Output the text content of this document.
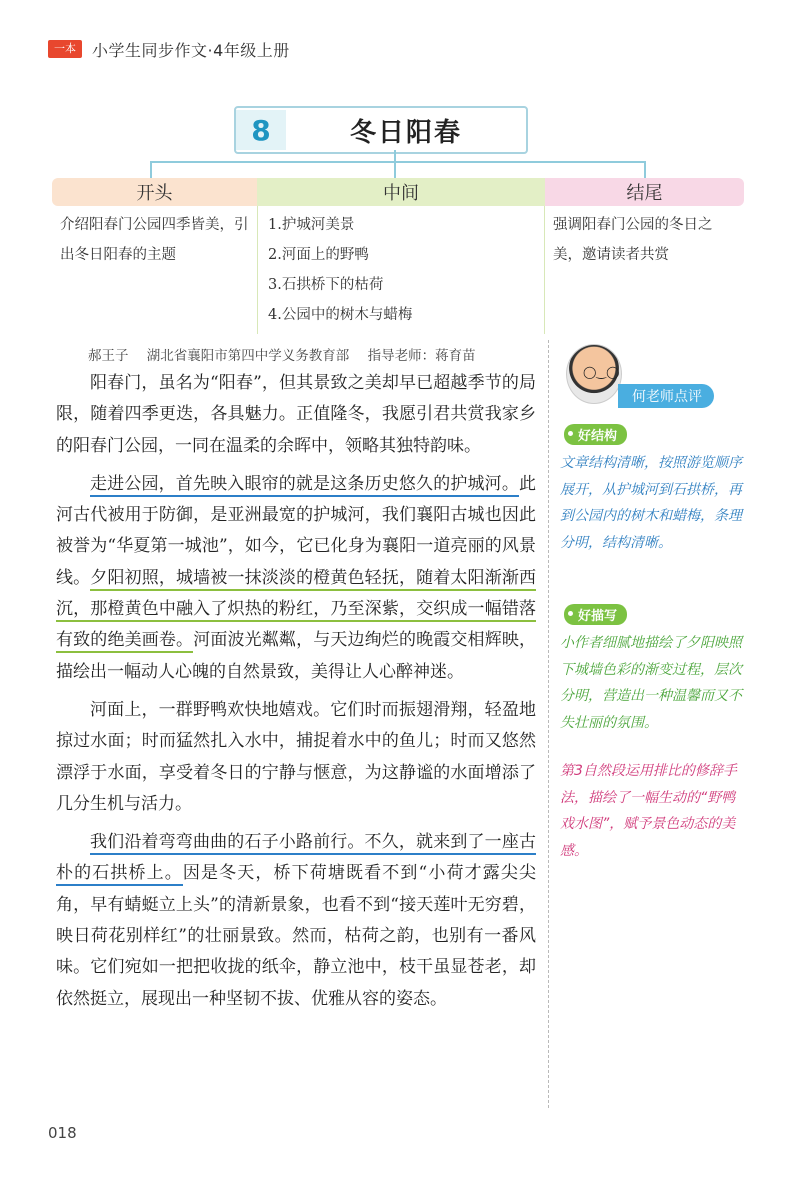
一本	小学生同步作文·4年级上册
8	冬日阳春
开头
介绍阳春门公园四季皆美，引出冬日阳春的主题
中间
1.护城河美景
2.河面上的野鸭
3.石拱桥下的枯荷
4.公园中的树木与蜡梅
结尾
强调阳春门公园的冬日之美，邀请读者共赏
郝王子 湖北省襄阳市第四中学义务教育部 指导老师：蒋育苗

阳春门，虽名为“阳春”，但其景致之美却早已超越季节的局限，随着四季更迭，各具魅力。正值隆冬，我愿引君共赏我家乡的阳春门公园，一同在温柔的余晖中，领略其独特韵味。

走进公园，首先映入眼帘的就是这条历史悠久的护城河。此河古代被用于防御，是亚洲最宽的护城河，我们襄阳古城也因此被誉为“华夏第一城池”，如今，它已化身为襄阳一道亮丽的风景线。夕阳初照，城墙被一抹淡淡的橙黄色轻抚，随着太阳渐渐西沉，那橙黄色中融入了炽热的粉红，乃至深紫，交织成一幅错落有致的绝美画卷。河面波光粼粼，与天边绚烂的晚霞交相辉映，描绘出一幅动人心魄的自然景致，美得让人心醉神迷。

河面上，一群野鸭欢快地嬉戏。它们时而振翅滑翔，轻盈地掠过水面；时而猛然扎入水中，捕捉着水中的鱼儿；时而又悠然漂浮于水面，享受着冬日的宁静与惬意，为这静谧的水面增添了几分生机与活力。

我们沿着弯弯曲曲的石子小路前行。不久，就来到了一座古朴的石拱桥上。因是冬天，桥下荷塘既看不到“小荷才露尖尖角，早有蜻蜓立上头”的清新景象，也看不到“接天莲叶无穷碧，映日荷花别样红”的壮丽景致。然而，枯荷之韵，也别有一番风味。它们宛如一把把收拢的纸伞，静立池中，枝干虽显苍老，却依然挺立，展现出一种坚韧不拔、优雅从容的姿态。

◯‿◯
何老师点评
好结构
文章结构清晰，按照游览顺序展开，从护城河到石拱桥，再到公园内的树木和蜡梅，条理分明，结构清晰。
好描写
小作者细腻地描绘了夕阳映照下城墙色彩的渐变过程，层次分明，营造出一种温馨而又不失壮丽的氛围。
第3自然段运用排比的修辞手法，描绘了一幅生动的“野鸭戏水图”，赋予景色动态的美感。
018
